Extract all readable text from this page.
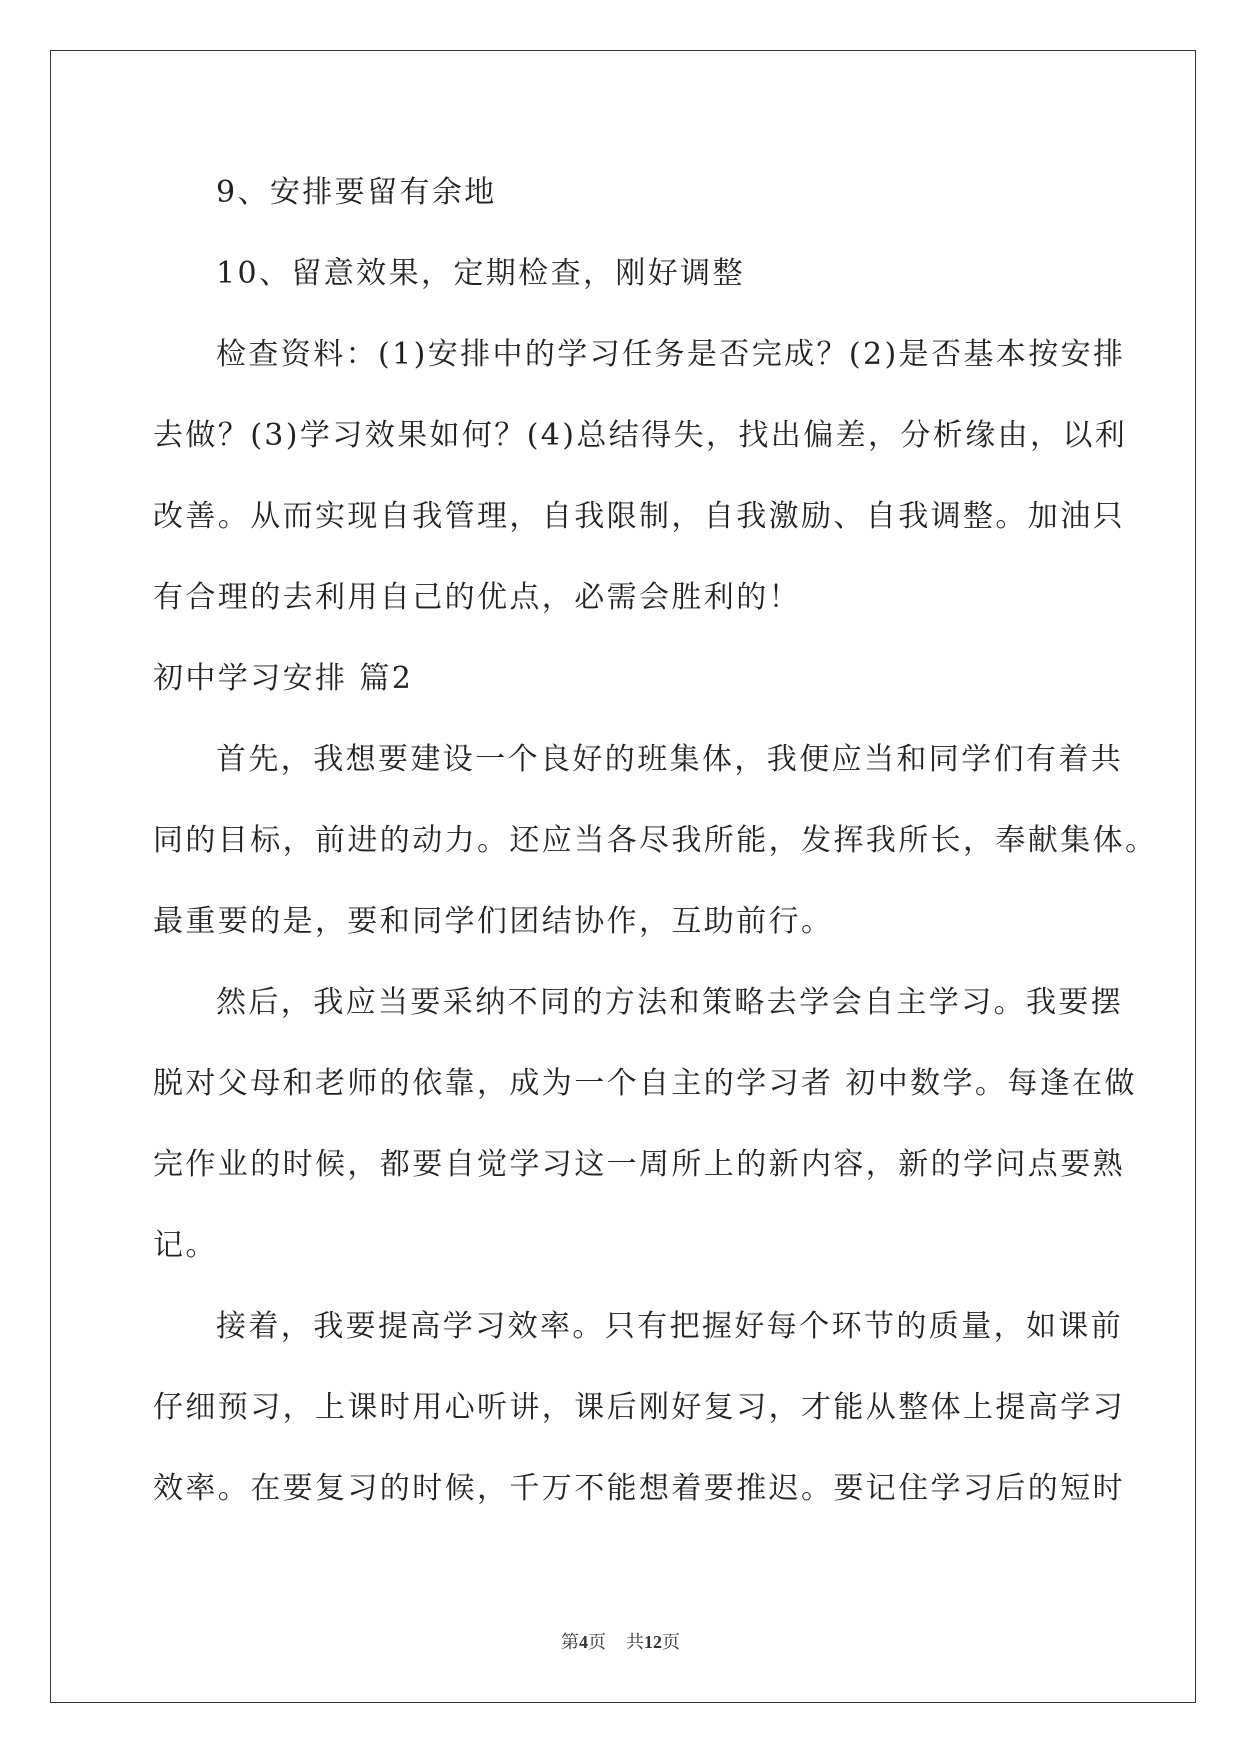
9、安排要留有余地
10、留意效果，定期检查，刚好调整
检查资料：(1)安排中的学习任务是否完成？(2)是否基本按安排
去做？(3)学习效果如何？(4)总结得失，找出偏差，分析缘由，以利
改善。从而实现自我管理，自我限制，自我激励、自我调整。加油只
有合理的去利用自己的优点，必需会胜利的！
初中学习安排 篇2
首先，我想要建设一个良好的班集体，我便应当和同学们有着共
同的目标，前进的动力。还应当各尽我所能，发挥我所长，奉献集体。
最重要的是，要和同学们团结协作，互助前行。
然后，我应当要采纳不同的方法和策略去学会自主学习。我要摆
脱对父母和老师的依靠，成为一个自主的学习者 初中数学。每逢在做
完作业的时候，都要自觉学习这一周所上的新内容，新的学问点要熟
记。
接着，我要提高学习效率。只有把握好每个环节的质量，如课前
仔细预习，上课时用心听讲，课后刚好复习，才能从整体上提高学习
效率。在要复习的时候，千万不能想着要推迟。要记住学习后的短时
第4页 共12页
